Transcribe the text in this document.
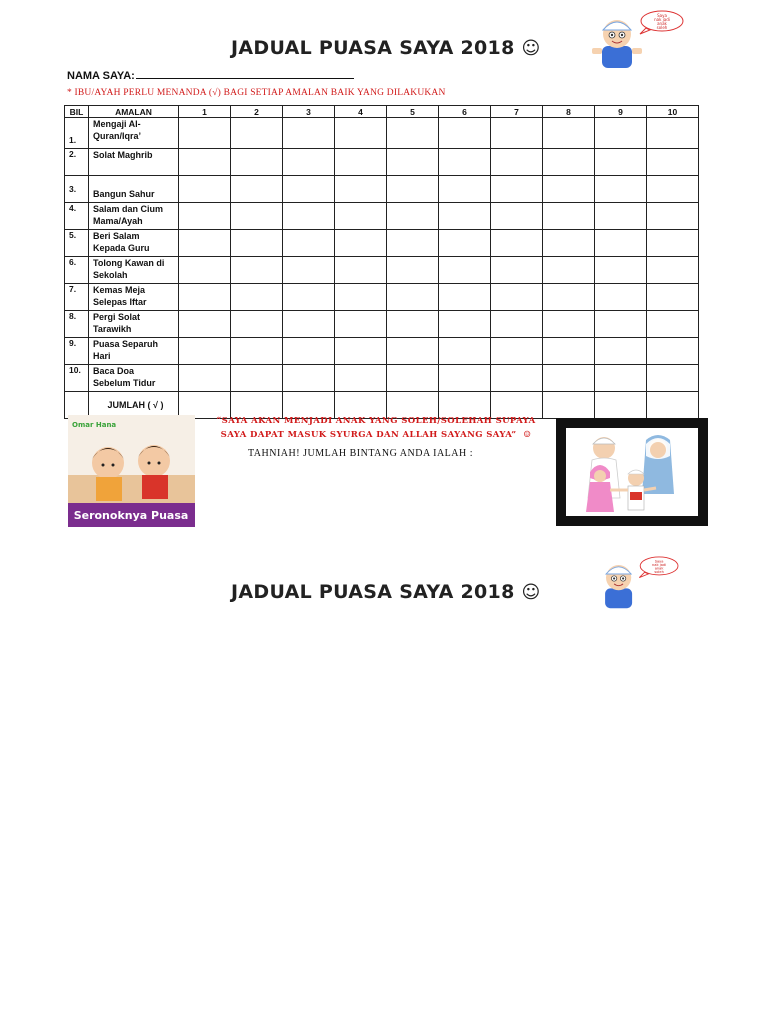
JADUAL PUASA SAYA 2018 ☺
Saya
nak jadi
anak
soleh
NAMA SAYA:
* IBU/AYAH PERLU MENANDA (√) BAGI SETIAP AMALAN BAIK YANG DILAKUKAN
BIL	AMALAN	1	2	3	4	5	6	7	8	9	10
1.	Mengaji Al-
Quran/Iqra’										

2.	Solat Maghrib										

3.	Bangun Sahur										

4.	Salam dan Cium
Mama/Ayah										

5.	Beri Salam
Kepada Guru										

6.	Tolong Kawan di
Sekolah										

7.	Kemas Meja
Selepas Iftar										

8.	Pergi Solat
Tarawikh										

9.	Puasa Separuh
Hari										

10.	Baca Doa
Sebelum Tidur										

	JUMLAH ( √ )										
Seronoknya Puasa
Omar Hana	“SAYA AKAN MENJADI ANAK YANG SOLEH/SOLEHAH SUPAYA
SAYA DAPAT MASUK SYURGA DAN ALLAH SAYANG SAYA” ☺
TAHNIAH! JUMLAH BINTANG ANDA IALAH :
JADUAL PUASA SAYA 2018 ☺
Saya
nak jadi
anak
soleh
